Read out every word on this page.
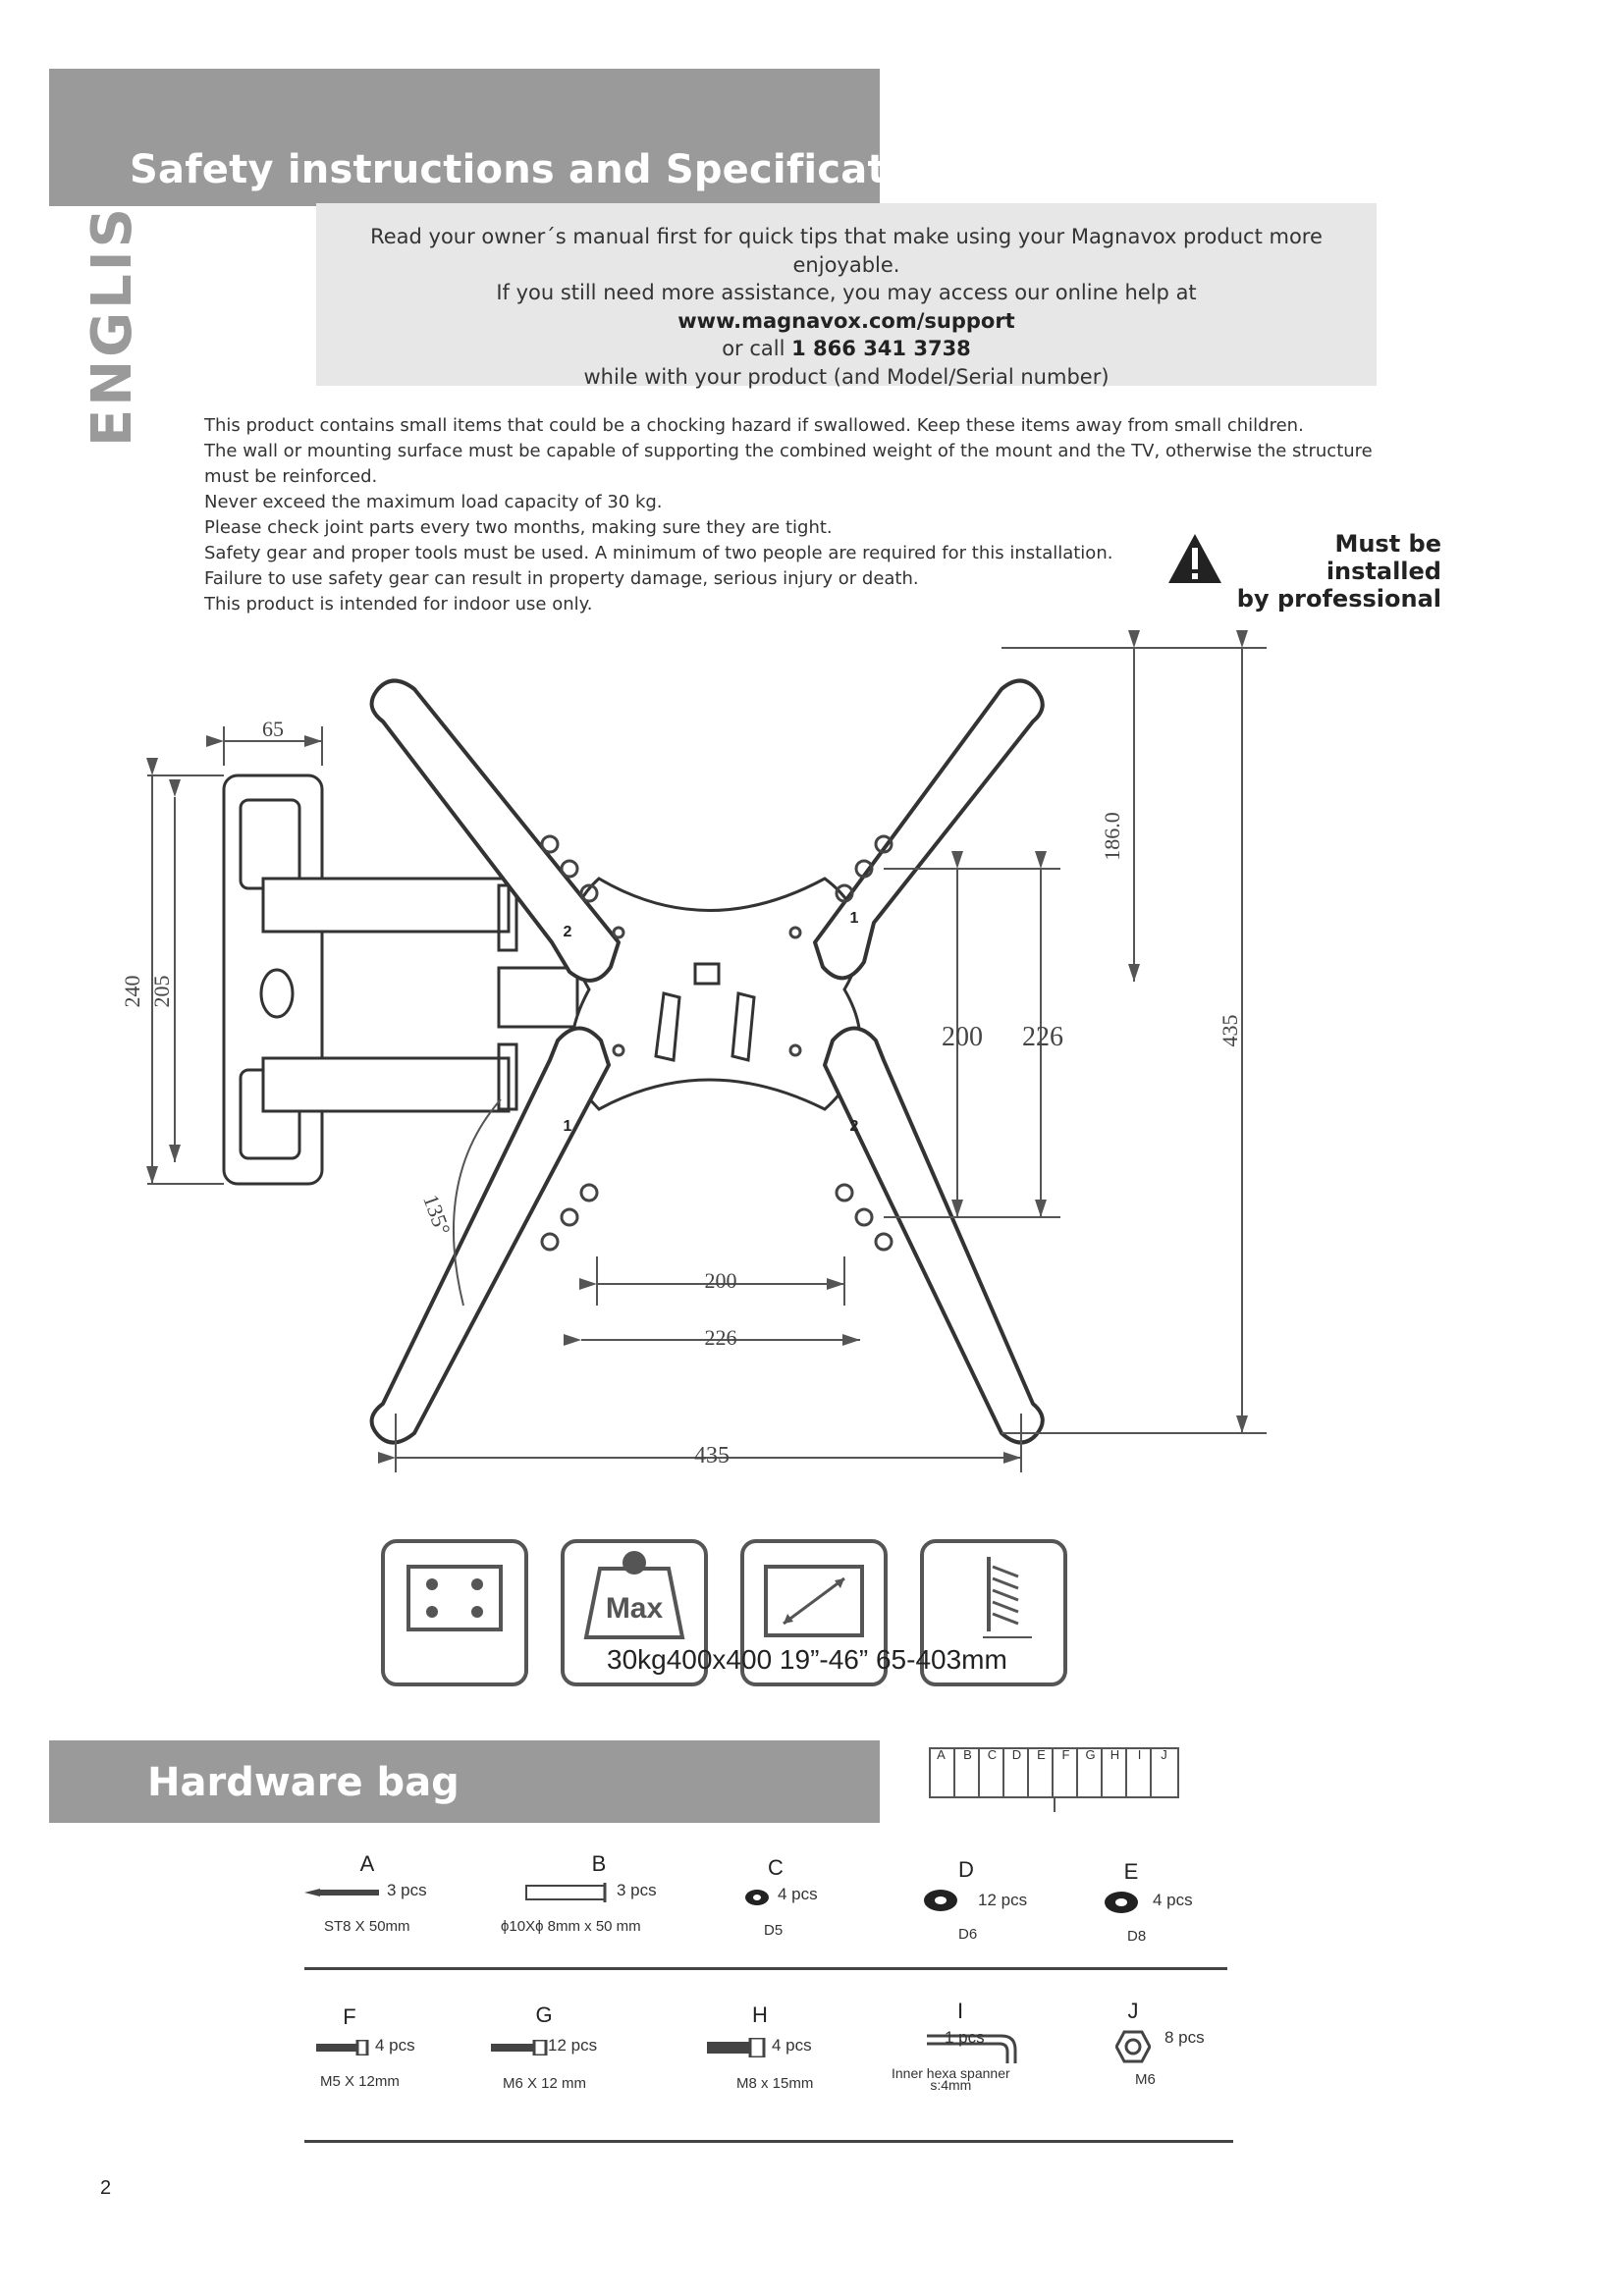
Safety instructions and Specifications
ENGLISH	Read your owner´s manual first for quick tips that make using your Magnavox product more enjoyable.
If you still need more assistance, you may access our online help at
www.magnavox.com/support
or call 1 866 341 3738
while with your product (and Model/Serial number)
This product contains small items that could be a chocking hazard if swallowed. Keep these items away from small children.
The wall or mounting surface must be capable of supporting the combined weight of the mount and the TV, otherwise the structure must be reinforced.
Never exceed the maximum load capacity of 30 kg.
Please check joint parts every two months, making sure they are tight.
Safety gear and proper tools must be used. A minimum of two people are required for this installation.
Failure to use safety gear can result in property damage, serious injury or death.
This product is intended for indoor use only.
Must be installed
by professional
65
240 205
135°
186.0
200 226	435
200
226
435
2
1
1	2
Max
30kg400x400 19”-46” 65-403mm
Hardware bag
A	B	C	D	E	F	G	H	I	J
A
3 pcs
ST8 X 50mm
B
3 pcs
ϕ10Xϕ 8mm x 50 mm
C
4 pcs
D5
D
12 pcs
D6
E
4 pcs
D8
F
4 pcs
M5 X 12mm
G
12 pcs
M6 X 12 mm
H
4 pcs
M8 x 15mm
I
1 pcs
Inner hexa spanner
s:4mm
J
8 pcs
M6
2
